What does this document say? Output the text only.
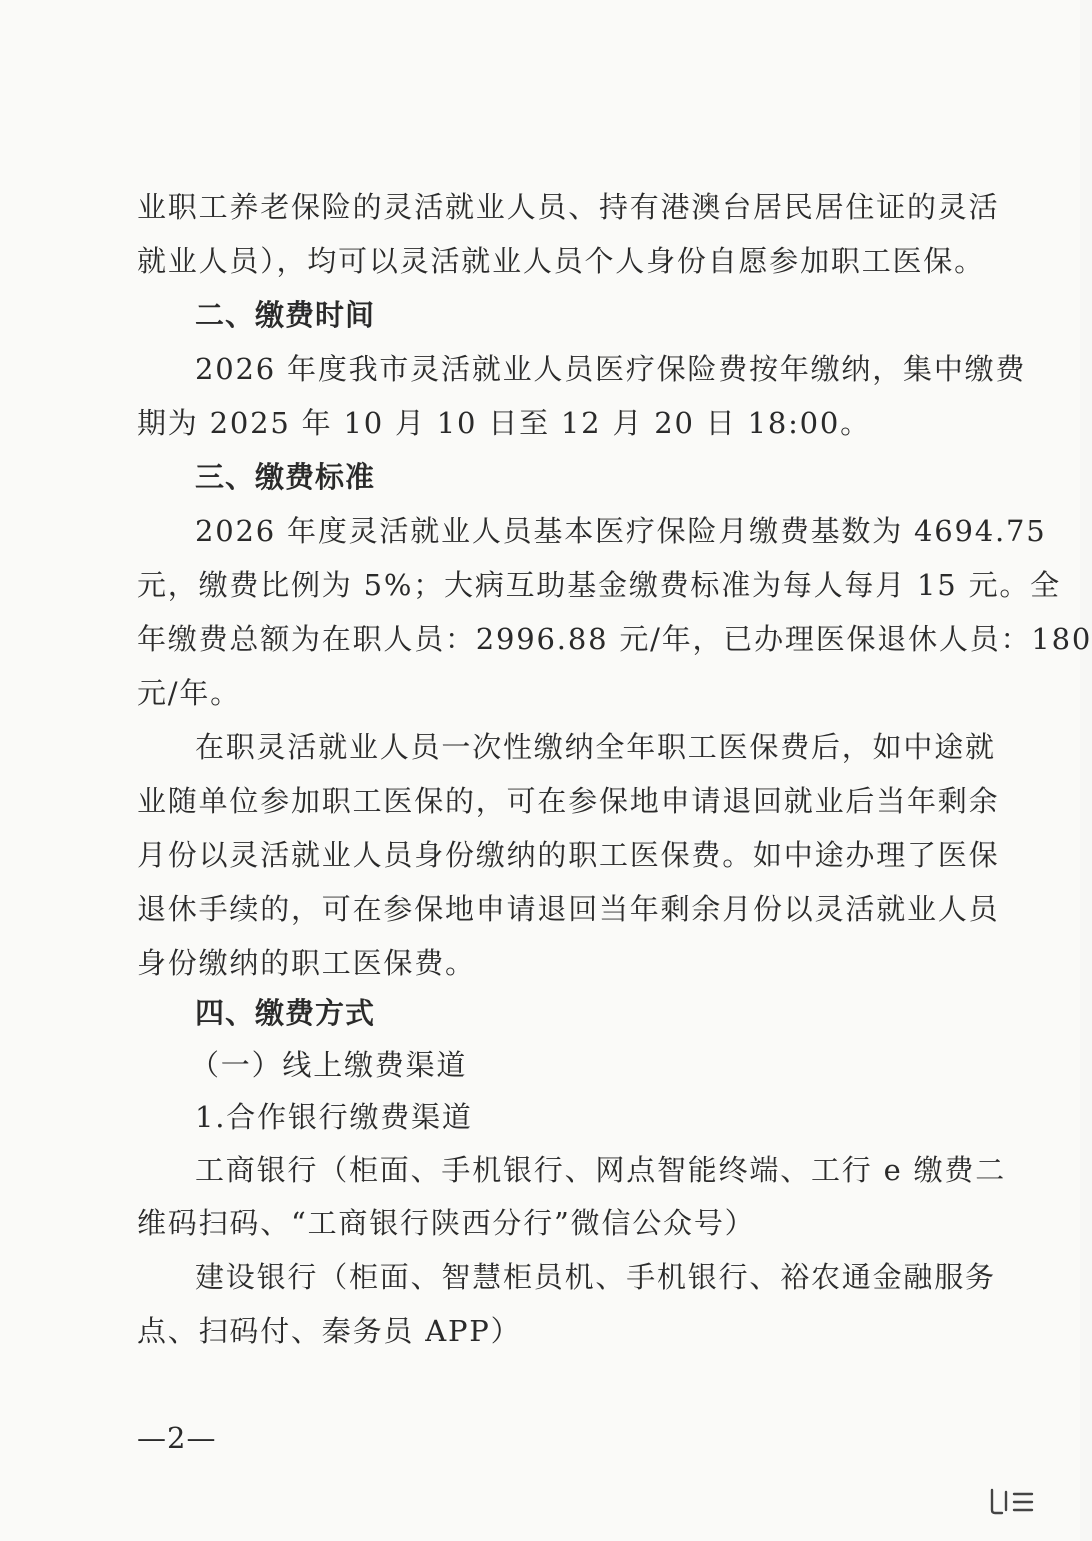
业职工养老保险的灵活就业人员、持有港澳台居民居住证的灵活
就业人员），均可以灵活就业人员个人身份自愿参加职工医保。
二、缴费时间
2026 年度我市灵活就业人员医疗保险费按年缴纳，集中缴费
期为 2025 年 10 月 10 日至 12 月 20 日 18:00。
三、缴费标准
2026 年度灵活就业人员基本医疗保险月缴费基数为 4694.75
元，缴费比例为 5%；大病互助基金缴费标准为每人每月 15 元。全
年缴费总额为在职人员：2996.88 元/年，已办理医保退休人员：180
元/年。
在职灵活就业人员一次性缴纳全年职工医保费后，如中途就
业随单位参加职工医保的，可在参保地申请退回就业后当年剩余
月份以灵活就业人员身份缴纳的职工医保费。如中途办理了医保
退休手续的，可在参保地申请退回当年剩余月份以灵活就业人员
身份缴纳的职工医保费。
四、缴费方式
（一）线上缴费渠道
1.合作银行缴费渠道
工商银行（柜面、手机银行、网点智能终端、工行 e 缴费二
维码扫码、“工商银行陕西分行”微信公众号）
建设银行（柜面、智慧柜员机、手机银行、裕农通金融服务
点、扫码付、秦务员 APP）
—2—
